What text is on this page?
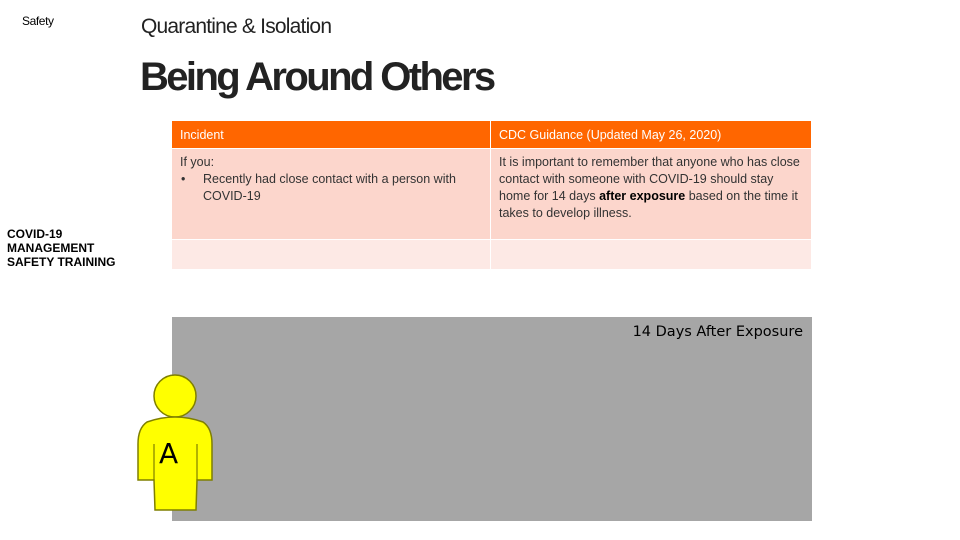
Safety	Quarantine & Isolation
Being Around Others
COVID-19 MANAGEMENT SAFETY TRAINING
Incident	CDC Guidance (Updated May 26, 2020)

If you:
• Recently had close contact with a person with COVID-19	It is important to remember that anyone who has close contact with someone with COVID-19 should stay home for 14 days after exposure based on the time it takes to develop illness.

14 Days After Exposure
A
